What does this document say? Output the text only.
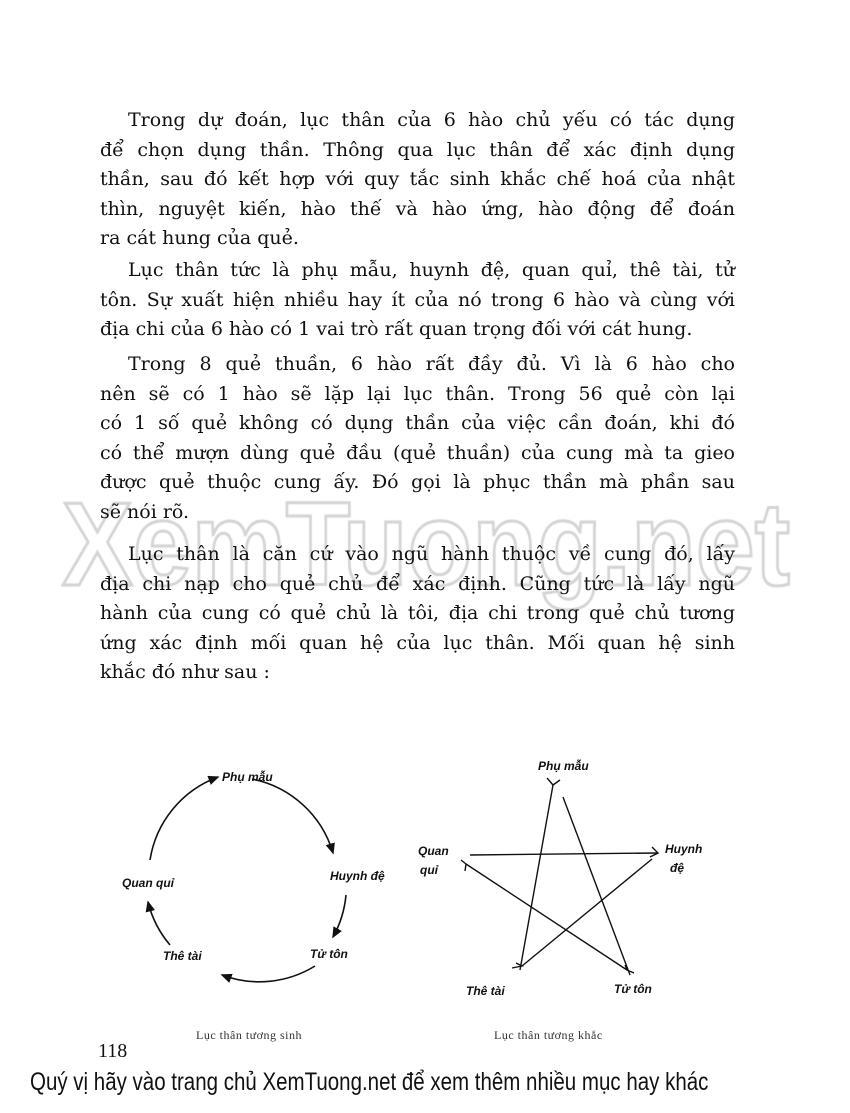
Trong dự đoán, lục thân của 6 hào chủ yếu có tác dụng
để chọn dụng thần. Thông qua lục thân để xác định dụng
thần, sau đó kết hợp với quy tắc sinh khắc chế hoá của nhật
thìn, nguyệt kiến, hào thế và hào ứng, hào động để đoán
ra cát hung của quẻ.
Lục thân tức là phụ mẫu, huynh đệ, quan quỉ, thê tài, tử
tôn. Sự xuất hiện nhiều hay ít của nó trong 6 hào và cùng với
địa chi của 6 hào có 1 vai trò rất quan trọng đối với cát hung.
Trong 8 quẻ thuần, 6 hào rất đầy đủ. Vì là 6 hào cho
nên sẽ có 1 hào sẽ lặp lại lục thân. Trong 56 quẻ còn lại
có 1 số quẻ không có dụng thần của việc cần đoán, khi đó
có thể mượn dùng quẻ đầu (quẻ thuần) của cung mà ta gieo
được quẻ thuộc cung ấy. Đó gọi là phục thần mà phần sau
sẽ nói rõ.
Lục thân là căn cứ vào ngũ hành thuộc về cung đó, lấy
địa chi nạp cho quẻ chủ để xác định. Cũng tức là lấy ngũ
hành của cung có quẻ chủ là tôi, địa chi trong quẻ chủ tương
ứng xác định mối quan hệ của lục thân. Mối quan hệ sinh
khắc đó như sau :
Phụ mẫu
Huynh đệ
Tử tôn
Thê tài
Quan quỉ
Phụ mẫu
Quan
quỉ
Huynh
đệ
Thê tài	Tử tôn
Lục thân tương sinh	Lục thân tương khắc
118
Quý vị hãy vào trang chủ XemTuong.net để xem thêm nhiều mục hay khác
